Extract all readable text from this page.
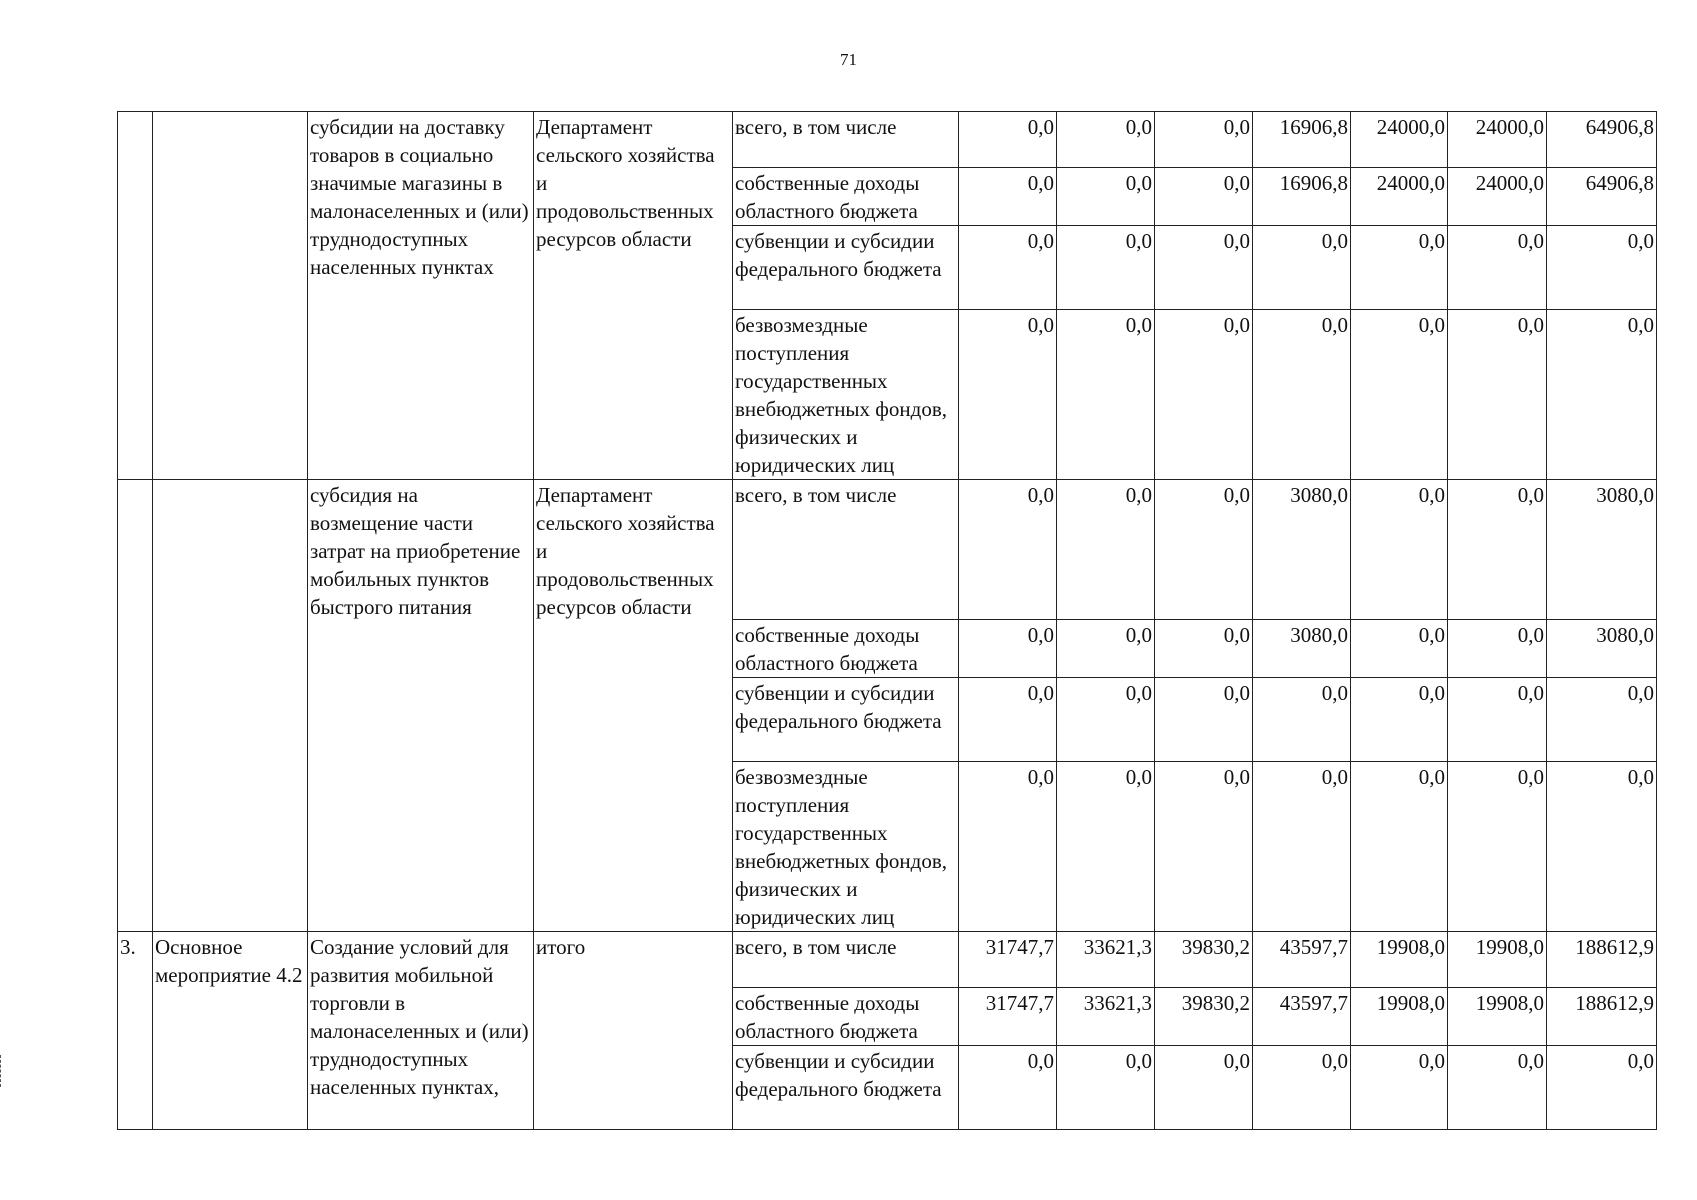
71
		субсидии на доставку товаров в социально значимые магазины в малонаселенных и (или) труднодоступных населенных пунктах	Департамент сельского хозяйства и продовольственных ресурсов области	всего, в том числе	0,0	0,0	0,0	16906,8	24000,0	24000,0	64906,8
				собственные доходы областного бюджета	0,0	0,0	0,0	16906,8	24000,0	24000,0	64906,8
				субвенции и субсидии федерального бюджета	0,0	0,0	0,0	0,0	0,0	0,0	0,0
				безвозмездные поступления государственных внебюджетных фондов, физических и юридических лиц	0,0	0,0	0,0	0,0	0,0	0,0	0,0
		субсидия на возмещение части затрат на приобретение мобильных пунктов быстрого питания	Департамент сельского хозяйства и продовольственных ресурсов области	всего, в том числе	0,0	0,0	0,0	3080,0	0,0	0,0	3080,0
				собственные доходы областного бюджета	0,0	0,0	0,0	3080,0	0,0	0,0	3080,0
				субвенции и субсидии федерального бюджета	0,0	0,0	0,0	0,0	0,0	0,0	0,0
				безвозмездные поступления государственных внебюджетных фондов, физических и юридических лиц	0,0	0,0	0,0	0,0	0,0	0,0	0,0
3.	Основное мероприятие 4.2	Создание условий для развития мобильной торговли в малонаселенных и (или) труднодоступных населенных пунктах,	итого	всего, в том числе	31747,7	33621,3	39830,2	43597,7	19908,0	19908,0	188612,9
				собственные доходы областного бюджета	31747,7	33621,3	39830,2	43597,7	19908,0	19908,0	188612,9
				субвенции и субсидии федерального бюджета	0,0	0,0	0,0	0,0	0,0	0,0	0,0
